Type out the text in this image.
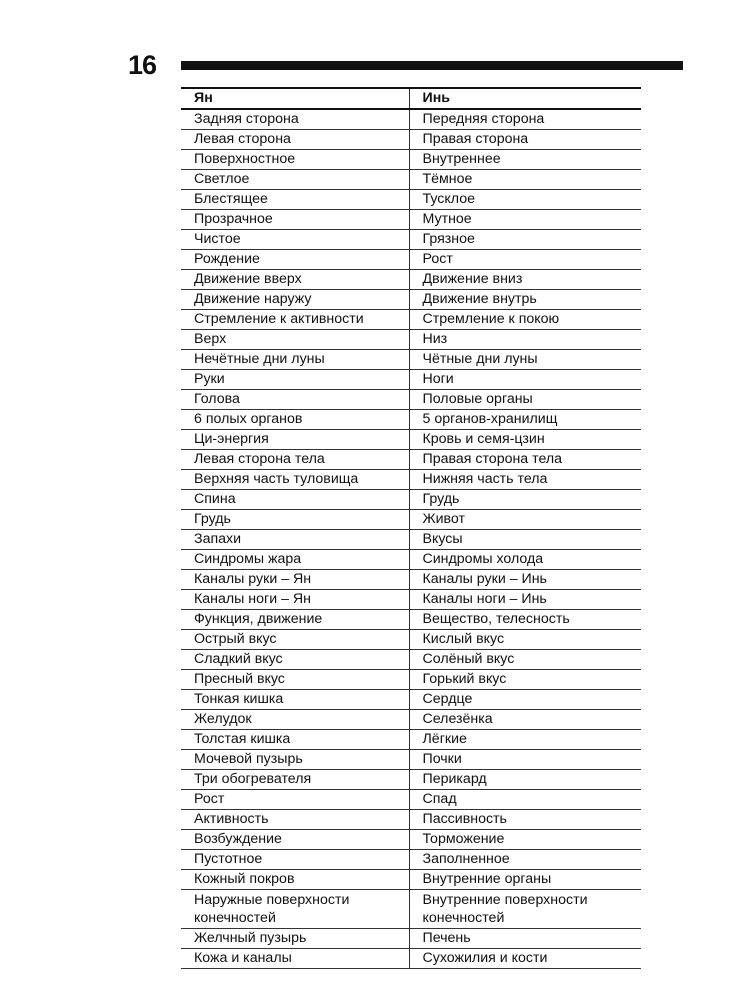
16
Ян	Инь
Задняя сторона	Передняя сторона
Левая сторона	Правая сторона
Поверхностное	Внутреннее
Светлое	Тёмное
Блестящее	Тусклое
Прозрачное	Мутное
Чистое	Грязное
Рождение	Рост
Движение вверх	Движение вниз
Движение наружу	Движение внутрь
Стремление к активности	Стремление к покою
Верх	Низ
Нечётные дни луны	Чётные дни луны
Руки	Ноги
Голова	Половые органы
6 полых органов	5 органов-хранилищ
Ци-энергия	Кровь и семя-цзин
Левая сторона тела	Правая сторона тела
Верхняя часть туловища	Нижняя часть тела
Спина	Грудь
Грудь	Живот
Запахи	Вкусы
Синдромы жара	Синдромы холода
Каналы руки – Ян	Каналы руки – Инь
Каналы ноги – Ян	Каналы ноги – Инь
Функция, движение	Вещество, телесность
Острый вкус	Кислый вкус
Сладкий вкус	Солёный вкус
Пресный вкус	Горький вкус
Тонкая кишка	Сердце
Желудок	Селезёнка
Толстая кишка	Лёгкие
Мочевой пузырь	Почки
Три обогревателя	Перикард
Рост	Спад
Активность	Пассивность
Возбуждение	Торможение
Пустотное	Заполненное
Кожный покров	Внутренние органы
Наружные поверхности конечностей	Внутренние поверхности конечностей
Желчный пузырь	Печень
Кожа и каналы	Сухожилия и кости
